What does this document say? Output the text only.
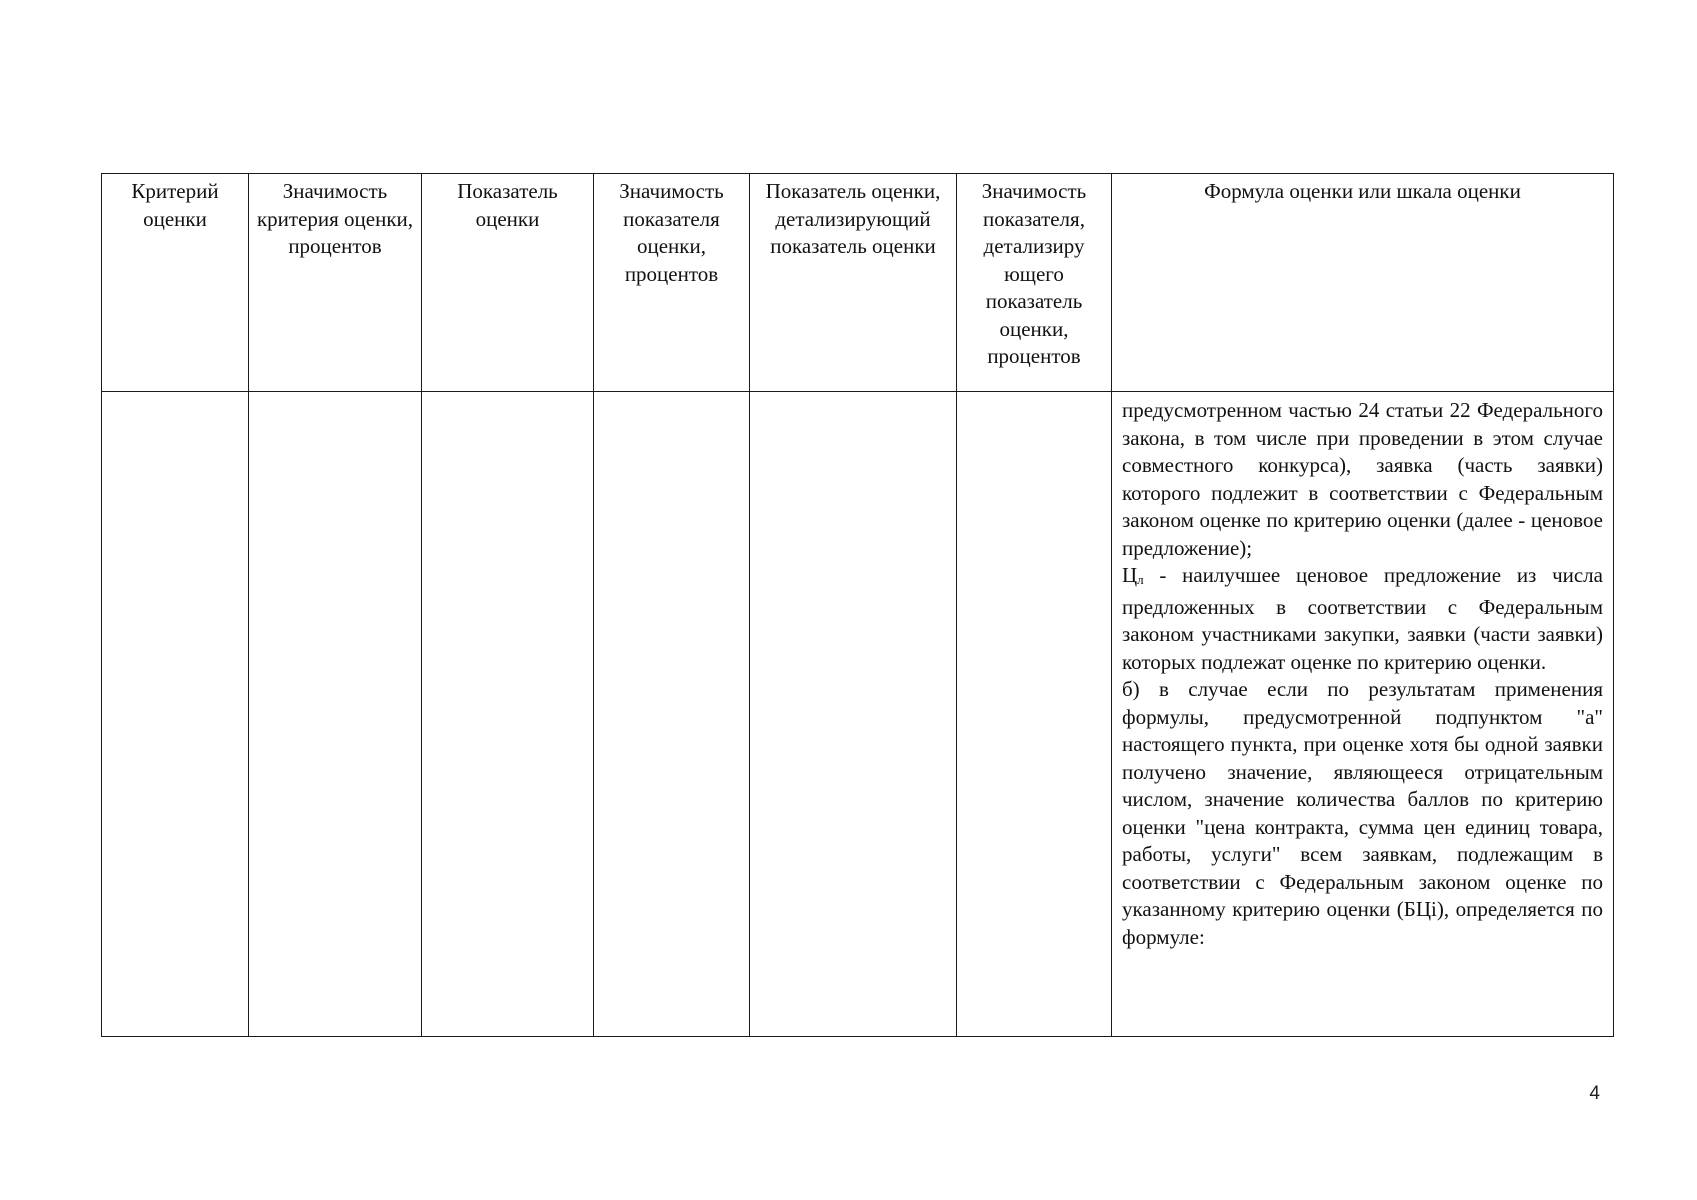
Критерий оценки	Значимость критерия оценки, процентов	Показатель оценки	Значимость показателя оценки, процентов	Показатель оценки, детализирующий показатель оценки	Значимость показателя, детализиру ющего показатель оценки, процентов	Формула оценки или шкала оценки

						предусмотренном частью 24 статьи 22 Федерального закона, в том числе при проведении в этом случае совместного конкурса), заявка (часть заявки) которого подлежит в соответствии с Федеральным законом оценке по критерию оценки (далее - ценовое предложение);

Цл - наилучшее ценовое предложение из числа предложенных в соответствии с Федеральным законом участниками закупки, заявки (части заявки) которых подлежат оценке по критерию оценки.

б) в случае если по результатам применения формулы, предусмотренной подпунктом "а" настоящего пункта, при оценке хотя бы одной заявки получено значение, являющееся отрицательным числом, значение количества баллов по критерию оценки "цена контракта, сумма цен единиц товара, работы, услуги" всем заявкам, подлежащим в соответствии с Федеральным законом оценке по указанному критерию оценки (БЦі), определяется по формуле:

4
